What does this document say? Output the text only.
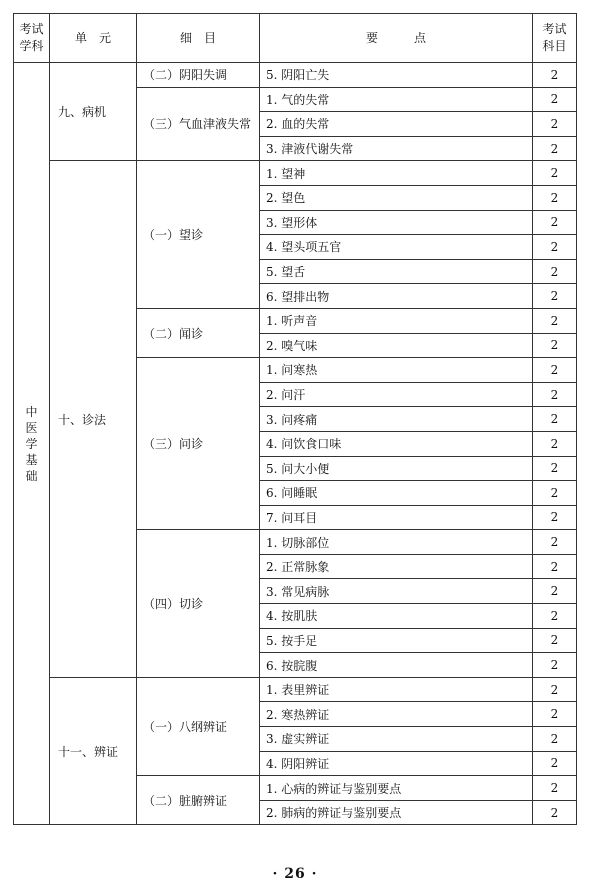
考试学科	单　元	细　目	要　　　点	考试科目
中医学基础	九、病机	（二）阴阳失调	5. 阴阳亡失	2
		（三）气血津液失常	1. 气的失常	2
			2. 血的失常	2
			3. 津液代谢失常	2
	十、诊法	（一）望诊	1. 望神	2
			2. 望色	2
			3. 望形体	2
			4. 望头项五官	2
			5. 望舌	2
			6. 望排出物	2
		（二）闻诊	1. 听声音	2
			2. 嗅气味	2
		（三）问诊	1. 问寒热	2
			2. 问汗	2
			3. 问疼痛	2
			4. 问饮食口味	2
			5. 问大小便	2
			6. 问睡眠	2
			7. 问耳目	2
		（四）切诊	1. 切脉部位	2
			2. 正常脉象	2
			3. 常见病脉	2
			4. 按肌肤	2
			5. 按手足	2
			6. 按脘腹	2
	十一、辨证	（一）八纲辨证	1. 表里辨证	2
			2. 寒热辨证	2
			3. 虚实辨证	2
			4. 阴阳辨证	2
		（二）脏腑辨证	1. 心病的辨证与鉴别要点	2
			2. 肺病的辨证与鉴别要点	2
· 26 ·
